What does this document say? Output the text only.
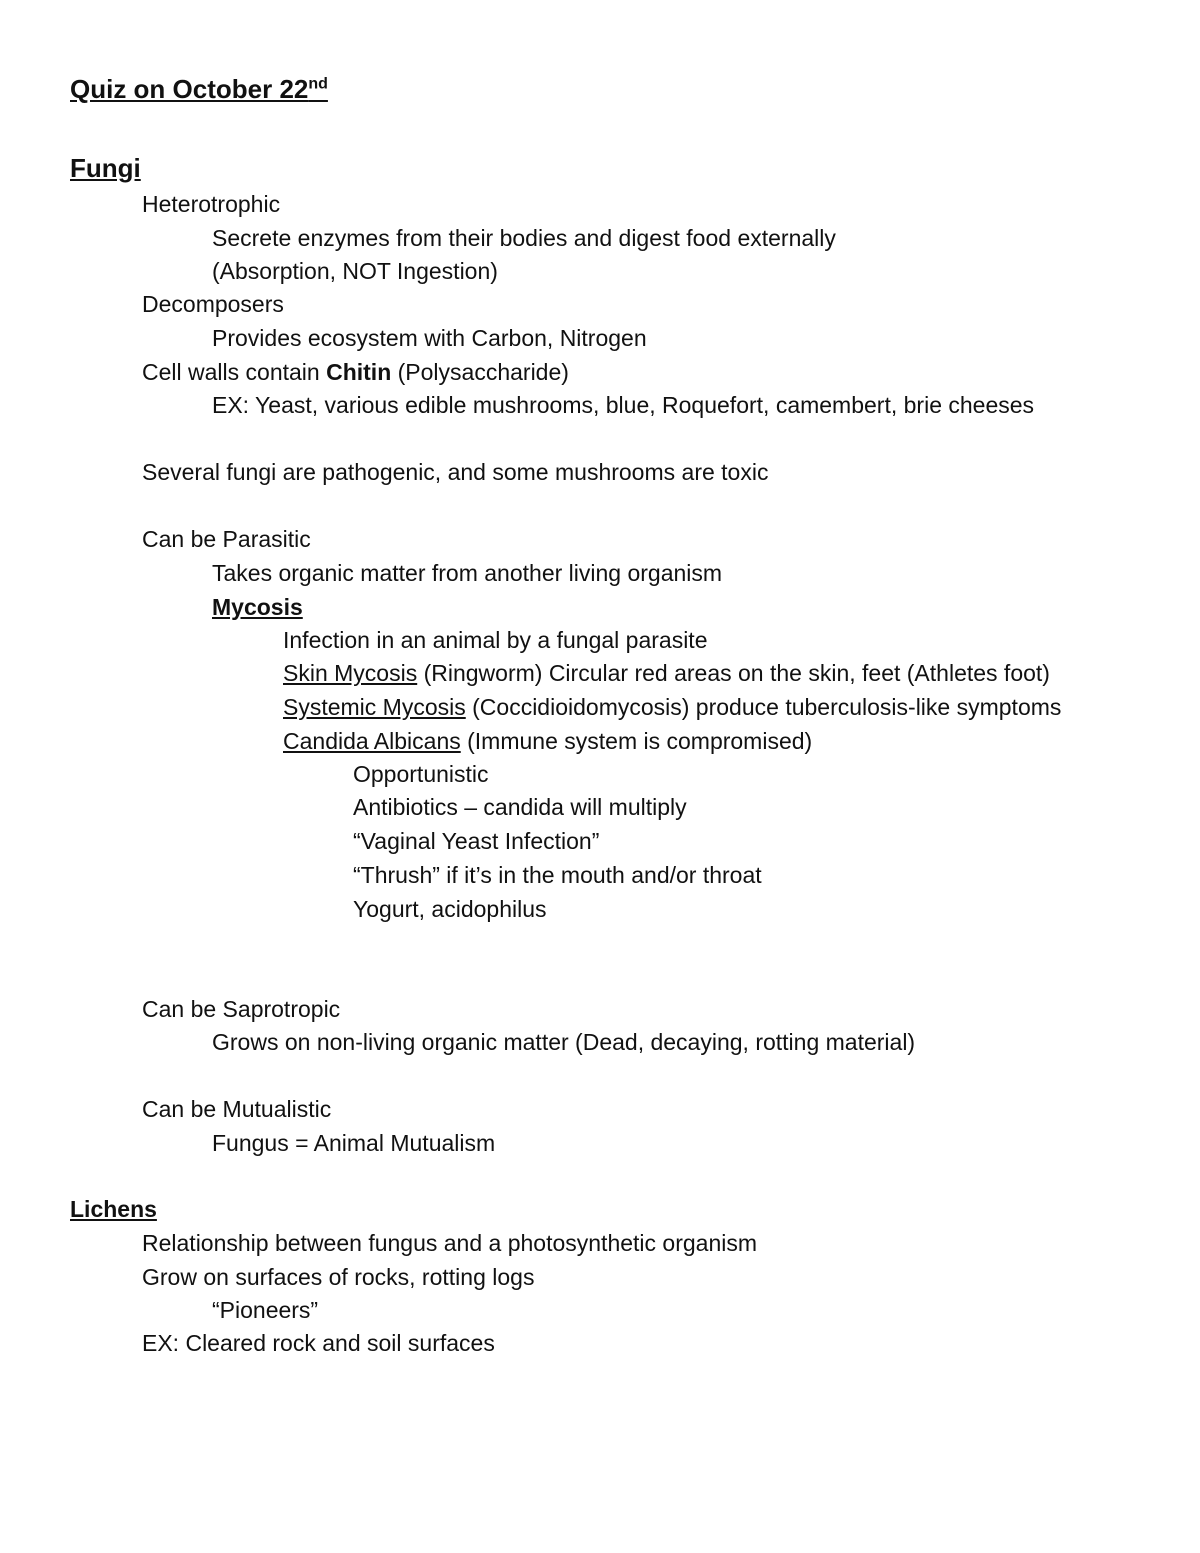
Quiz on October 22nd
Fungi
Heterotrophic
Secrete enzymes from their bodies and digest food externally
(Absorption, NOT Ingestion)
Decomposers
Provides ecosystem with Carbon, Nitrogen
Cell walls contain Chitin (Polysaccharide)
EX: Yeast, various edible mushrooms, blue, Roquefort, camembert, brie cheeses
Several fungi are pathogenic, and some mushrooms are toxic
Can be Parasitic
Takes organic matter from another living organism
Mycosis
Infection in an animal by a fungal parasite
Skin Mycosis (Ringworm) Circular red areas on the skin, feet (Athletes foot)
Systemic Mycosis (Coccidioidomycosis) produce tuberculosis-like symptoms
Candida Albicans (Immune system is compromised)
Opportunistic
Antibiotics – candida will multiply
“Vaginal Yeast Infection”
“Thrush” if it’s in the mouth and/or throat
Yogurt, acidophilus
Can be Saprotropic
Grows on non-living organic matter (Dead, decaying, rotting material)
Can be Mutualistic
Fungus = Animal Mutualism
Lichens
Relationship between fungus and a photosynthetic organism
Grow on surfaces of rocks, rotting logs
“Pioneers”
EX: Cleared rock and soil surfaces
